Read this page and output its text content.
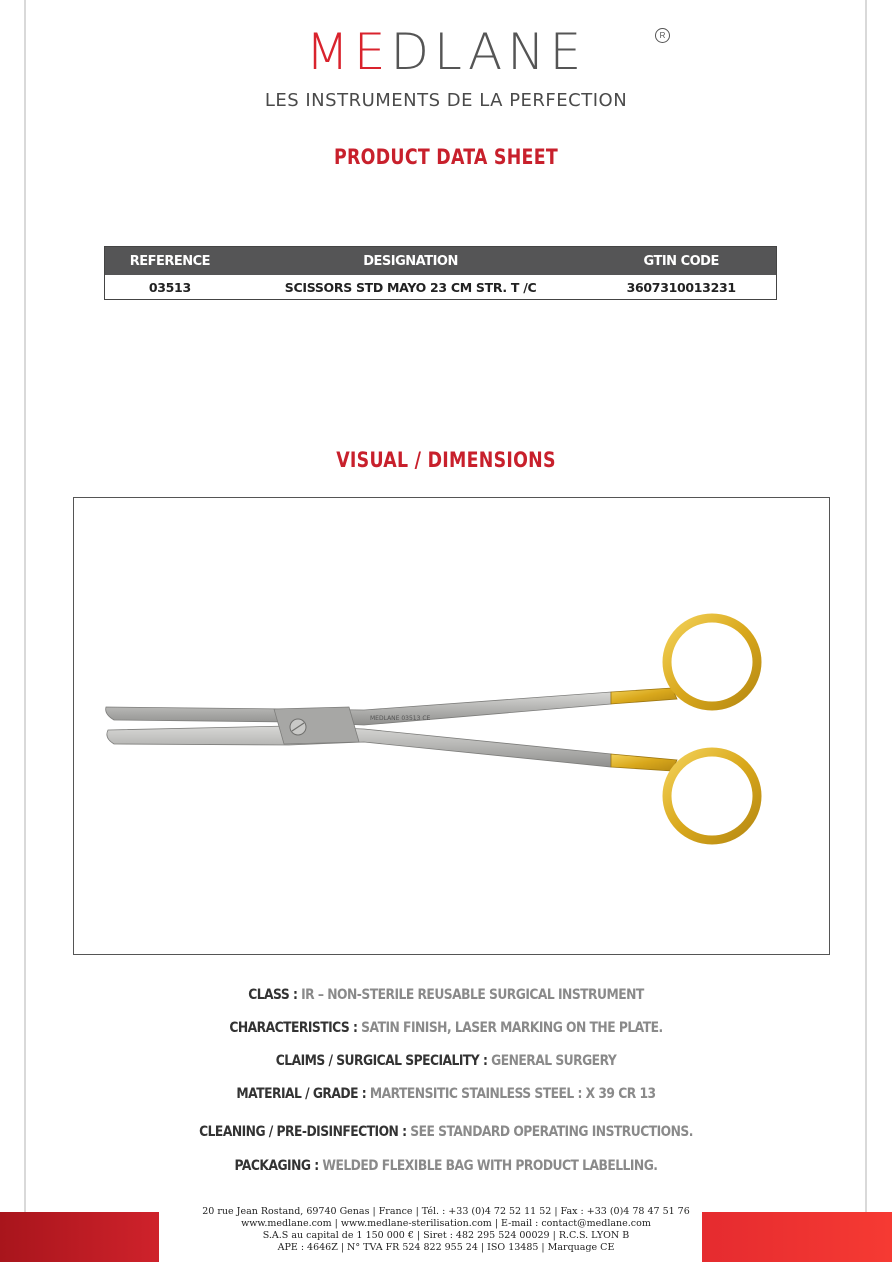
MEDLANE	R
LES INSTRUMENTS DE LA PERFECTION
PRODUCT DATA SHEET
REFERENCE	DESIGNATION	GTIN CODE
03513	SCISSORS STD MAYO 23 CM STR. T /C	3607310013231
VISUAL / DIMENSIONS
MEDLANE 03513 CE
CLASS : IR – NON-STERILE REUSABLE SURGICAL INSTRUMENT
CHARACTERISTICS : SATIN FINISH, LASER MARKING ON THE PLATE.
CLAIMS / SURGICAL SPECIALITY : GENERAL SURGERY
MATERIAL / GRADE : MARTENSITIC STAINLESS STEEL : X 39 CR 13
CLEANING / PRE-DISINFECTION : SEE STANDARD OPERATING INSTRUCTIONS.
PACKAGING : WELDED FLEXIBLE BAG WITH PRODUCT LABELLING.
20 rue Jean Rostand, 69740 Genas | France | Tél. : +33 (0)4 72 52 11 52 | Fax : +33 (0)4 78 47 51 76
www.medlane.com | www.medlane-sterilisation.com | E-mail : contact@medlane.com
S.A.S au capital de 1 150 000 € | Siret : 482 295 524 00029 | R.C.S. LYON B
APE : 4646Z | N° TVA FR 524 822 955 24 | ISO 13485 | Marquage CE
